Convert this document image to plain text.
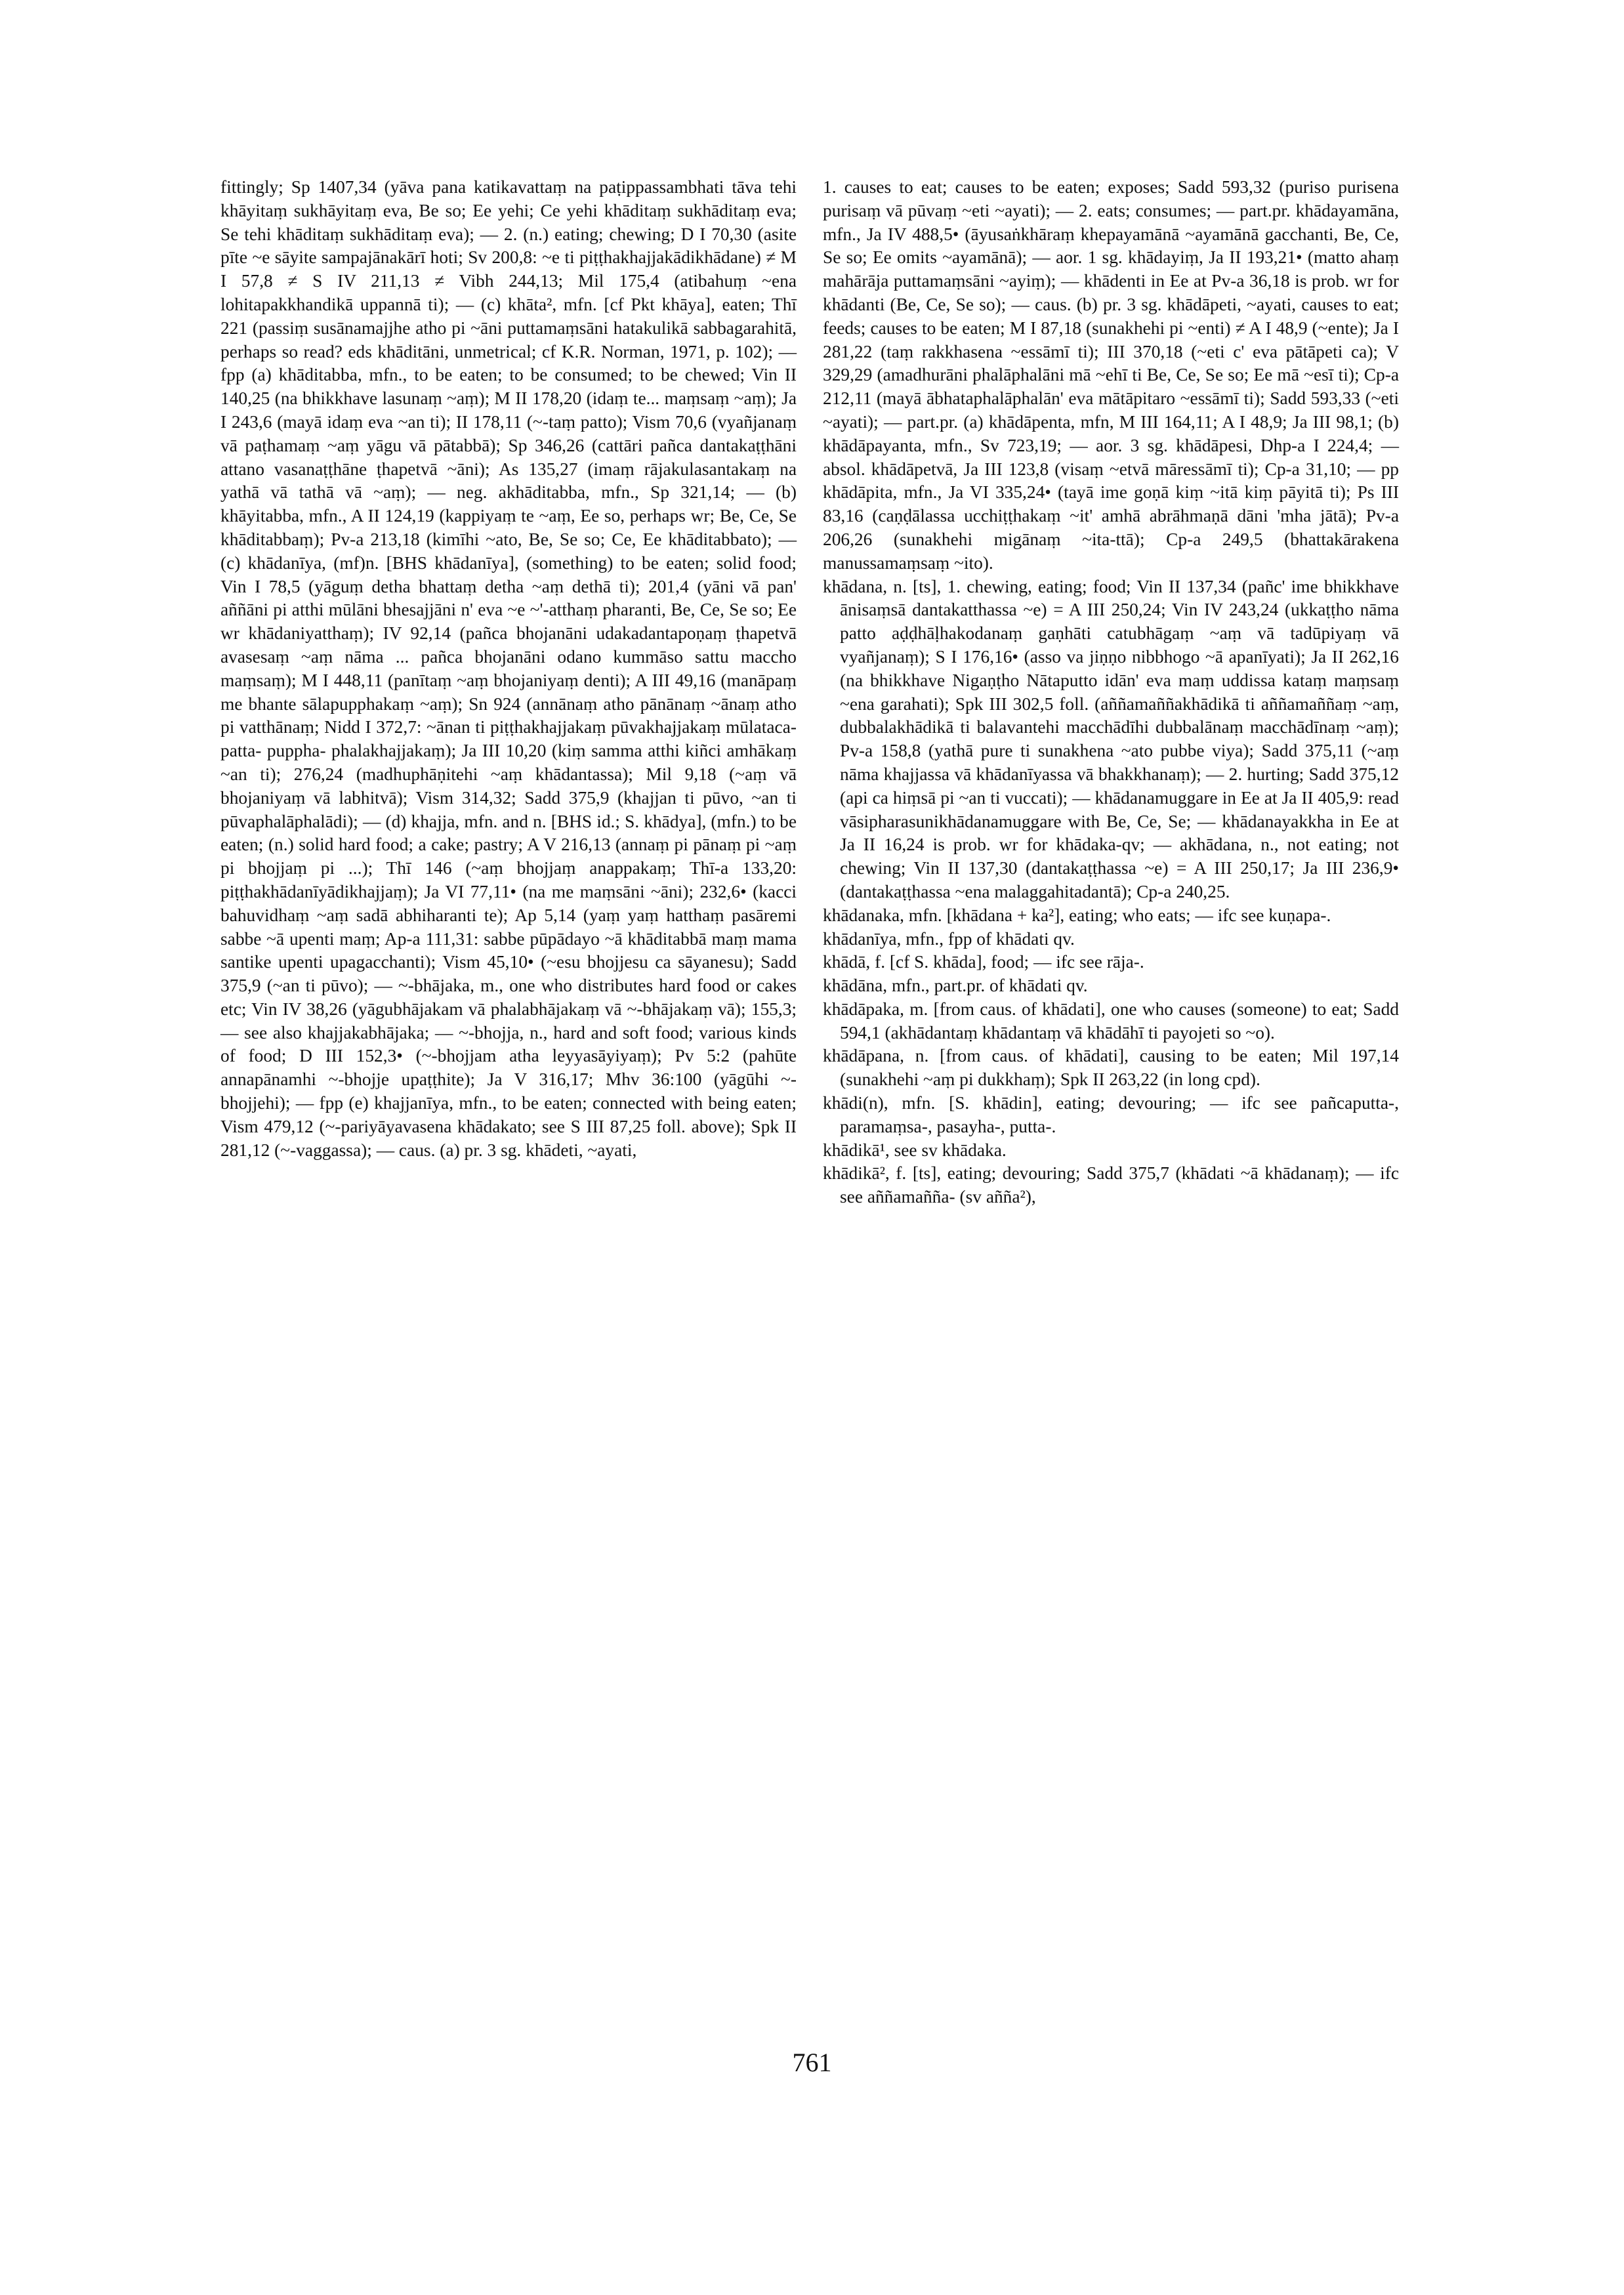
fittingly; Sp 1407,34 (yāva pana katikavattaṃ na paṭippassambhati tāva tehi khāyitaṃ sukhāyitaṃ eva, Be so; Ee yehi; Ce yehi khāditaṃ sukhāditaṃ eva; Se tehi khāditaṃ sukhāditaṃ eva); — 2. (n.) eating; chewing; D I 70,30 (asite pīte ~e sāyite sampajānakārī hoti; Sv 200,8: ~e ti piṭṭhakhajjakādikhādane) ≠ M I 57,8 ≠ S IV 211,13 ≠ Vibh 244,13; Mil 175,4 (atibahuṃ ~ena lohitapakkhandikā uppannā ti); — (c) khāta², mfn. [cf Pkt khāya], eaten; Thī 221 (passiṃ susānamajjhe atho pi ~āni puttamaṃsāni hatakulikā sabbagarahitā, perhaps so read? eds khāditāni, unmetrical; cf K.R. Norman, 1971, p. 102); — fpp (a) khāditabba, mfn., to be eaten; to be consumed; to be chewed; Vin II 140,25 (na bhikkhave lasunaṃ ~aṃ); M II 178,20 (idaṃ te... maṃsaṃ ~aṃ); Ja I 243,6 (mayā idaṃ eva ~an ti); II 178,11 (~-taṃ patto); Vism 70,6 (vyañjanaṃ vā paṭhamaṃ ~aṃ yāgu vā pātabbā); Sp 346,26 (cattāri pañca dantakaṭṭhāni attano vasanaṭṭhāne ṭhapetvā ~āni); As 135,27 (imaṃ rājakulasantakaṃ na yathā vā tathā vā ~aṃ); — neg. akhāditabba, mfn., Sp 321,14; — (b) khāyitabba, mfn., A II 124,19 (kappiyaṃ te ~aṃ, Ee so, perhaps wr; Be, Ce, Se khāditabbaṃ); Pv-a 213,18 (kimīhi ~ato, Be, Se so; Ce, Ee khāditabbato); — (c) khādanīya, (mf)n. [BHS khādanīya], (something) to be eaten; solid food; Vin I 78,5 (yāguṃ detha bhattaṃ detha ~aṃ dethā ti); 201,4 (yāni vā pan' aññāni pi atthi mūlāni bhesajjāni n' eva ~e ~'-atthaṃ pharanti, Be, Ce, Se so; Ee wr khādaniyatthaṃ); IV 92,14 (pañca bhojanāni udakadantapoṇaṃ ṭhapetvā avasesaṃ ~aṃ nāma ... pañca bhojanāni odano kummāso sattu maccho maṃsaṃ); M I 448,11 (panītaṃ ~aṃ bhojaniyaṃ denti); A III 49,16 (manāpaṃ me bhante sālapupphakaṃ ~aṃ); Sn 924 (annānaṃ atho pānānaṃ ~ānaṃ atho pi vatthānaṃ; Nidd I 372,7: ~ānan ti piṭṭhakhajjakaṃ pūvakhajjakaṃ mūlataca- patta- puppha- phalakhajjakaṃ); Ja III 10,20 (kiṃ samma atthi kiñci amhākaṃ ~an ti); 276,24 (madhuphāṇitehi ~aṃ khādantassa); Mil 9,18 (~aṃ vā bhojaniyaṃ vā labhitvā); Vism 314,32; Sadd 375,9 (khajjan ti pūvo, ~an ti pūvaphalāphalādi); — (d) khajja, mfn. and n. [BHS id.; S. khādya], (mfn.) to be eaten; (n.) solid hard food; a cake; pastry; A V 216,13 (annaṃ pi pānaṃ pi ~aṃ pi bhojjaṃ pi ...); Thī 146 (~aṃ bhojjaṃ anappakaṃ; Thī-a 133,20: piṭṭhakhādanīyādikhajjaṃ); Ja VI 77,11• (na me maṃsāni ~āni); 232,6• (kacci bahuvidhaṃ ~aṃ sadā abhiharanti te); Ap 5,14 (yaṃ yaṃ hatthaṃ pasāremi sabbe ~ā upenti maṃ; Ap-a 111,31: sabbe pūpādayo ~ā khāditabbā maṃ mama santike upenti upagacchanti); Vism 45,10• (~esu bhojjesu ca sāyanesu); Sadd 375,9 (~an ti pūvo); — ~-bhājaka, m., one who distributes hard food or cakes etc; Vin IV 38,26 (yāgubhājakam vā phalabhājakaṃ vā ~-bhājakaṃ vā); 155,3; — see also khajjakabhājaka; — ~-bhojja, n., hard and soft food; various kinds of food; D III 152,3• (~-bhojjam atha leyyasāyiyaṃ); Pv 5:2 (pahūte annapānamhi ~-bhojje upaṭṭhite); Ja V 316,17; Mhv 36:100 (yāgūhi ~-bhojjehi); — fpp (e) khajjanīya, mfn., to be eaten; connected with being eaten; Vism 479,12 (~-pariyāyavasena khādakato; see S III 87,25 foll. above); Spk II 281,12 (~-vaggassa); — caus. (a) pr. 3 sg. khādeti, ~ayati,

1. causes to eat; causes to be eaten; exposes; Sadd 593,32 (puriso purisena purisaṃ vā pūvaṃ ~eti ~ayati); — 2. eats; consumes; — part.pr. khādayamāna, mfn., Ja IV 488,5• (āyusaṅkhāraṃ khepayamānā ~ayamānā gacchanti, Be, Ce, Se so; Ee omits ~ayamānā); — aor. 1 sg. khādayiṃ, Ja II 193,21• (matto ahaṃ mahārāja puttamaṃsāni ~ayiṃ); — khādenti in Ee at Pv-a 36,18 is prob. wr for khādanti (Be, Ce, Se so); — caus. (b) pr. 3 sg. khādāpeti, ~ayati, causes to eat; feeds; causes to be eaten; M I 87,18 (sunakhehi pi ~enti) ≠ A I 48,9 (~ente); Ja I 281,22 (taṃ rakkhasena ~essāmī ti); III 370,18 (~eti c' eva pātāpeti ca); V 329,29 (amadhurāni phalāphalāni mā ~ehī ti Be, Ce, Se so; Ee mā ~esī ti); Cp-a 212,11 (mayā ābhataphalāphalān' eva mātāpitaro ~essāmī ti); Sadd 593,33 (~eti ~ayati); — part.pr. (a) khādāpenta, mfn, M III 164,11; A I 48,9; Ja III 98,1; (b) khādāpayanta, mfn., Sv 723,19; — aor. 3 sg. khādāpesi, Dhp-a I 224,4; — absol. khādāpetvā, Ja III 123,8 (visaṃ ~etvā māressāmī ti); Cp-a 31,10; — pp khādāpita, mfn., Ja VI 335,24• (tayā ime goṇā kiṃ ~itā kiṃ pāyitā ti); Ps III 83,16 (caṇḍālassa ucchiṭṭhakaṃ ~it' amhā abrāhmaṇā dāni 'mha jātā); Pv-a 206,26 (sunakhehi migānaṃ ~ita-ttā); Cp-a 249,5 (bhattakārakena manussamaṃsaṃ ~ito).

khādana, n. [ts], 1. chewing, eating; food; Vin II 137,34 (pañc' ime bhikkhave ānisaṃsā dantakatthassa ~e) = A III 250,24; Vin IV 243,24 (ukkaṭṭho nāma patto aḍḍhāḷhakodanaṃ gaṇhāti catubhāgaṃ ~aṃ vā tadūpiyaṃ vā vyañjanaṃ); S I 176,16• (asso va jiṇṇo nibbhogo ~ā apanīyati); Ja II 262,16 (na bhikkhave Nigaṇṭho Nātaputto idān' eva maṃ uddissa kataṃ maṃsaṃ ~ena garahati); Spk III 302,5 foll. (aññamaññakhādikā ti aññamaññaṃ ~aṃ, dubbalakhādikā ti balavantehi macchādīhi dubbalānaṃ macchādīnaṃ ~aṃ); Pv-a 158,8 (yathā pure ti sunakhena ~ato pubbe viya); Sadd 375,11 (~aṃ nāma khajjassa vā khādanīyassa vā bhakkhanaṃ); — 2. hurting; Sadd 375,12 (api ca hiṃsā pi ~an ti vuccati); — khādanamuggare in Ee at Ja II 405,9: read vāsipharasunikhādanamuggare with Be, Ce, Se; — khādanayakkha in Ee at Ja II 16,24 is prob. wr for khādaka-qv; — akhādana, n., not eating; not chewing; Vin II 137,30 (dantakaṭṭhassa ~e) = A III 250,17; Ja III 236,9• (dantakaṭṭhassa ~ena malaggahitadantā); Cp-a 240,25.

khādanaka, mfn. [khādana + ka²], eating; who eats; — ifc see kuṇapa-.

khādanīya, mfn., fpp of khādati qv.

khādā, f. [cf S. khāda], food; — ifc see rāja-.

khādāna, mfn., part.pr. of khādati qv.

khādāpaka, m. [from caus. of khādati], one who causes (someone) to eat; Sadd 594,1 (akhādantaṃ khādantaṃ vā khādāhī ti payojeti so ~o).

khādāpana, n. [from caus. of khādati], causing to be eaten; Mil 197,14 (sunakhehi ~aṃ pi dukkhaṃ); Spk II 263,22 (in long cpd).

khādi(n), mfn. [S. khādin], eating; devouring; — ifc see pañcaputta-, paramaṃsa-, pasayha-, putta-.

khādikā¹, see sv khādaka.

khādikā², f. [ts], eating; devouring; Sadd 375,7 (khādati ~ā khādanaṃ); — ifc see aññamañña- (sv añña²),

761
